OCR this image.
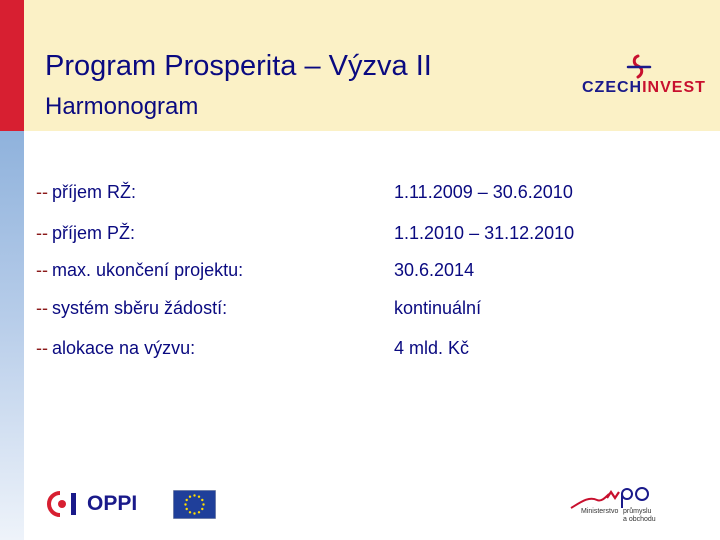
Program Prosperita – Výzva II
Harmonogram
CZECHINVEST
-- příjem RŽ:	1.11.2009 – 30.6.2010
-- příjem PŽ:	1.1.2010 – 31.12.2010
-- max. ukončení projektu:	30.6.2014
-- systém sběru žádostí:	kontinuální
-- alokace na výzvu:	4 mld. Kč
OPPI	Ministerstvo průmyslu
a obchodu
